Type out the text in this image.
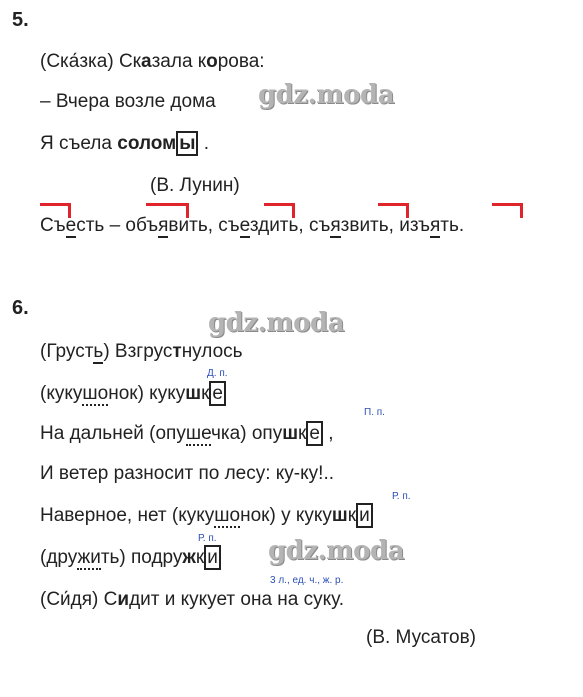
5.
(Ска́зка) Сказала корова:
– Вчера возле дома gdz.moda
Я съела солом ы .
(В. Лунин)
Съесть – объявить, съездить, съязвить, изъять.
6.	gdz.moda
(Грусть) Взгрустнулось
Д. п.
(кукушонок) кукушк е
П. п.
На дальней (опушечка) опушк е ,
И ветер разносит по лесу: ку-ку!..
Р. п.
Наверное, нет (кукушонок) у кукушк и
Р. п.
(дружить) подружк и gdz.moda
3 л., ед. ч., ж. р.
(Си́дя) Сидит и кукует она на суку.
(В. Мусатов)
